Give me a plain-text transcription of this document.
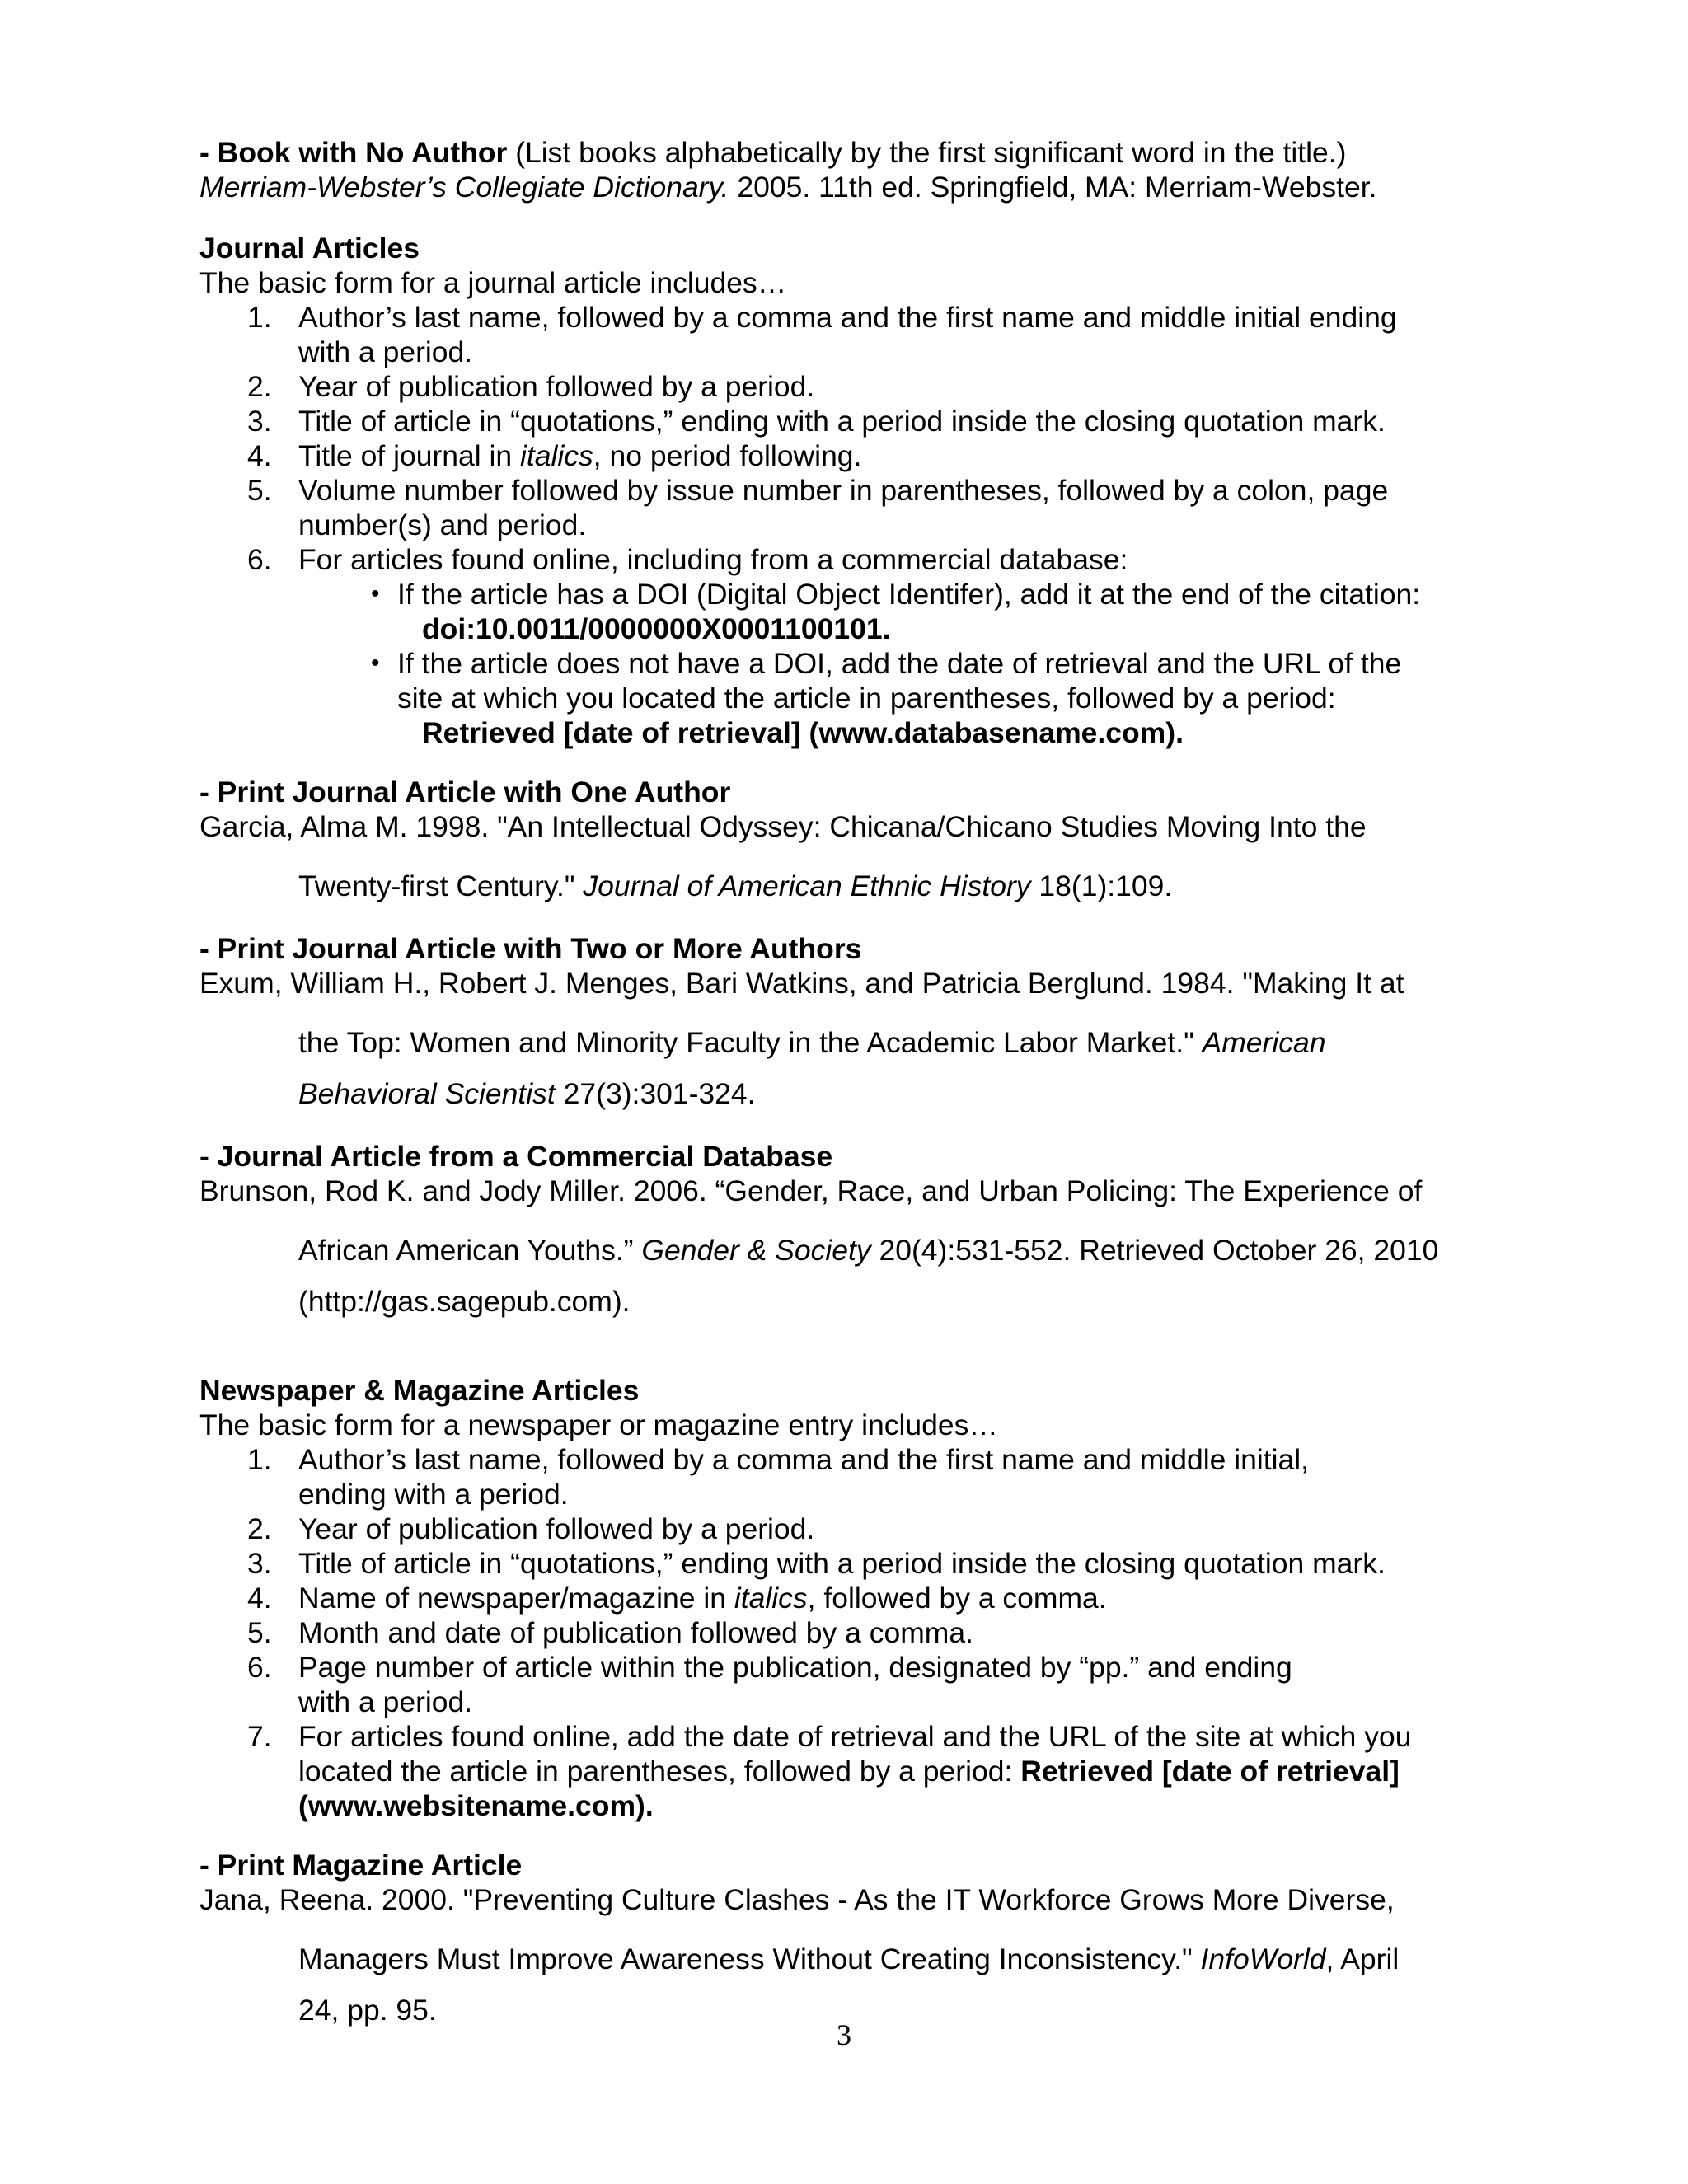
- Book with No Author (List books alphabetically by the first significant word in the title.)
Merriam-Webster’s Collegiate Dictionary. 2005. 11th ed. Springfield, MA: Merriam-Webster.
Journal Articles
The basic form for a journal article includes…
1. Author’s last name, followed by a comma and the first name and middle initial ending
with a period.
2. Year of publication followed by a period.
3. Title of article in “quotations,” ending with a period inside the closing quotation mark.
4. Title of journal in italics, no period following.
5. Volume number followed by issue number in parentheses, followed by a colon, page
number(s) and period.
6. For articles found online, including from a commercial database:
• If the article has a DOI (Digital Object Identifer), add it at the end of the citation:
doi:10.0011/0000000X0001100101.
• If the article does not have a DOI, add the date of retrieval and the URL of the
site at which you located the article in parentheses, followed by a period:
Retrieved [date of retrieval] (www.databasename.com).
- Print Journal Article with One Author
Garcia, Alma M. 1998. "An Intellectual Odyssey: Chicana/Chicano Studies Moving Into the
Twenty-first Century." Journal of American Ethnic History 18(1):109.
- Print Journal Article with Two or More Authors
Exum, William H., Robert J. Menges, Bari Watkins, and Patricia Berglund. 1984. "Making It at
the Top: Women and Minority Faculty in the Academic Labor Market." American
Behavioral Scientist 27(3):301-324.
- Journal Article from a Commercial Database
Brunson, Rod K. and Jody Miller. 2006. “Gender, Race, and Urban Policing: The Experience of
African American Youths.” Gender & Society 20(4):531-552. Retrieved October 26, 2010
(http://gas.sagepub.com).
Newspaper & Magazine Articles
The basic form for a newspaper or magazine entry includes…
1. Author’s last name, followed by a comma and the first name and middle initial,
ending with a period.
2. Year of publication followed by a period.
3. Title of article in “quotations,” ending with a period inside the closing quotation mark.
4. Name of newspaper/magazine in italics, followed by a comma.
5. Month and date of publication followed by a comma.
6. Page number of article within the publication, designated by “pp.” and ending
with a period.
7. For articles found online, add the date of retrieval and the URL of the site at which you
located the article in parentheses, followed by a period: Retrieved [date of retrieval]
(www.websitename.com).
- Print Magazine Article
Jana, Reena. 2000. "Preventing Culture Clashes - As the IT Workforce Grows More Diverse,
Managers Must Improve Awareness Without Creating Inconsistency." InfoWorld, April
24, pp. 95.
3
